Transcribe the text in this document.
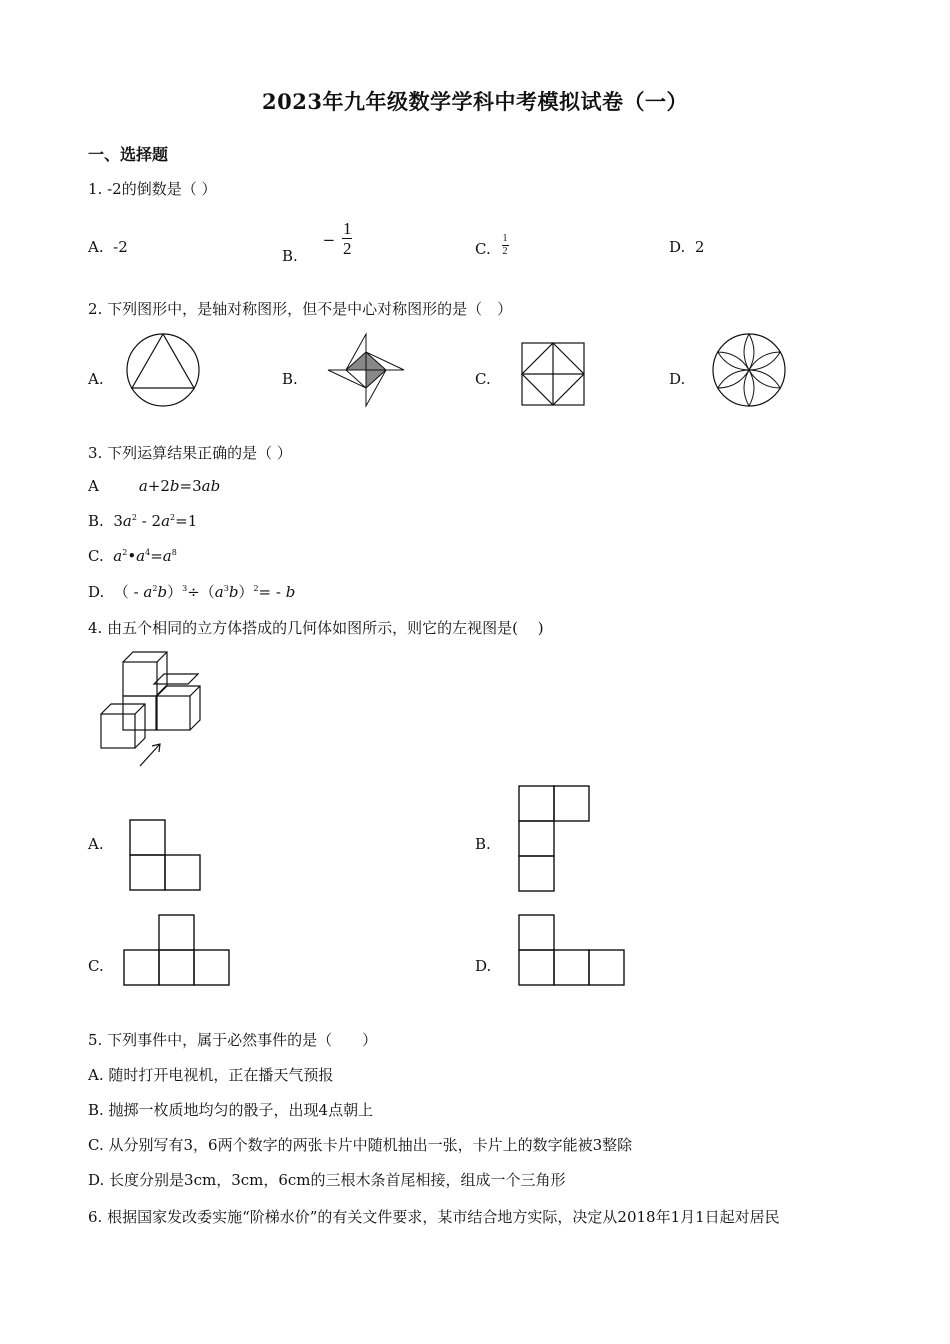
2023年九年级数学学科中考模拟试卷（一）
一、选择题
1. -2的倒数是（ ）
A. -2	B. − $\frac{1}{2}$	C. $\frac{1}{2}$	D. 2
2. 下列图形中，是轴对称图形，但不是中心对称图形的是（　）
A.	B.	C.	D.
3. 下列运算结果正确的是（ ）
A	a+2b=3ab
B.  $3a^2 - 2a^2=1$
C. $a^2•a^4=a^8$
D.  （ - $a^2b)^3\div(a^3b)^2= - b$
4. 由五个相同的立方体搭成的几何体如图所示，则它的左视图是(　 )
A.	B.
C.	D.
5. 下列事件中，属于必然事件的是（　　）
A. 随时打开电视机，正在播天气预报
B. 抛掷一枚质地均匀的骰子，出现4点朝上
C. 从分别写有3，6两个数字的两张卡片中随机抽出一张，卡片上的数字能被3整除
D. 长度分别是3cm，3cm，6cm的三根木条首尾相接，组成一个三角形
6. 根据国家发改委实施“阶梯水价”的有关文件要求，某市结合地方实际，决定从2018年1月1日起对居民
